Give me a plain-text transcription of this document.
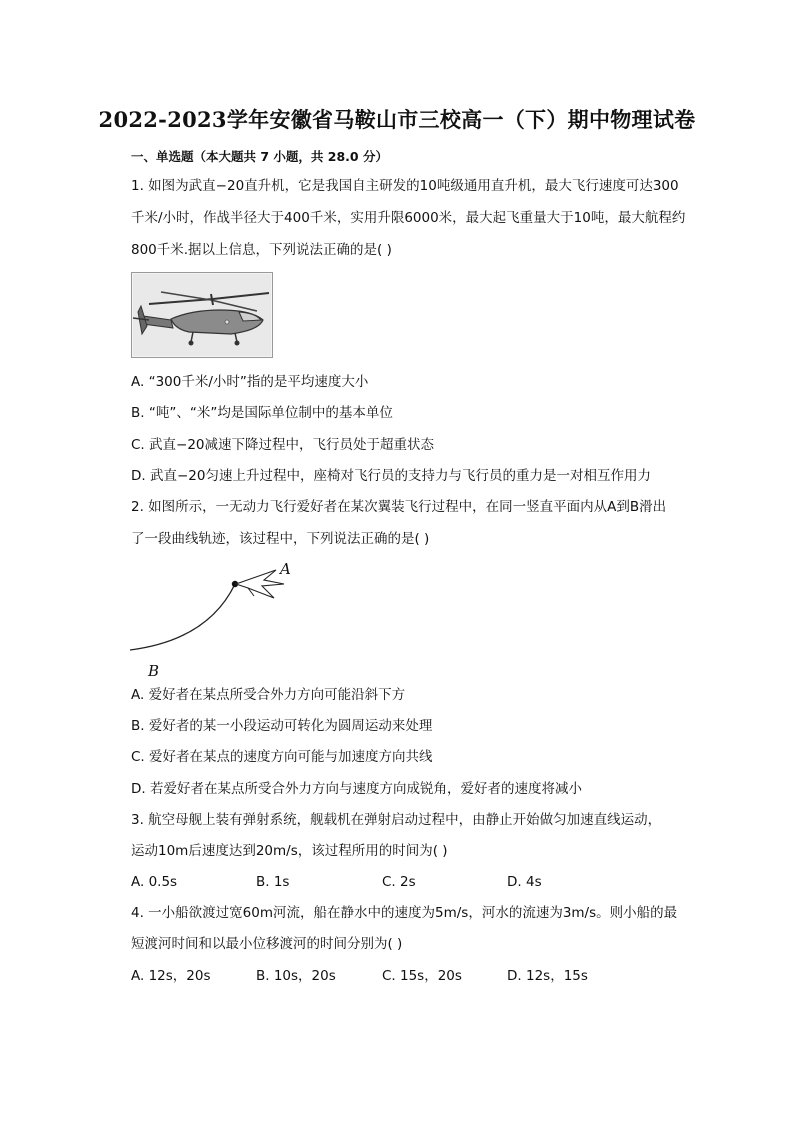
2022-2023学年安徽省马鞍山市三校高一（下）期中物理试卷
一、单选题（本大题共 7 小题，共 28.0 分）
1. 如图为武直−20直升机，它是我国自主研发的10吨级通用直升机，最大飞行速度可达300
千米/小时，作战半径大于400千米，实用升限6000米，最大起飞重量大于10吨，最大航程约
800千米.据以上信息，下列说法正确的是( )
A. “300千米/小时”指的是平均速度大小
B. “吨”、“米”均是国际单位制中的基本单位
C. 武直−20减速下降过程中，飞行员处于超重状态
D. 武直−20匀速上升过程中，座椅对飞行员的支持力与飞行员的重力是一对相互作用力
2. 如图所示，一无动力飞行爱好者在某次翼装飞行过程中，在同一竖直平面内从A到B滑出
了一段曲线轨迹，该过程中，下列说法正确的是( )
A
B
A. 爱好者在某点所受合外力方向可能沿斜下方
B. 爱好者的某一小段运动可转化为圆周运动来处理
C. 爱好者在某点的速度方向可能与加速度方向共线
D. 若爱好者在某点所受合外力方向与速度方向成锐角，爱好者的速度将减小
3. 航空母舰上装有弹射系统，舰载机在弹射启动过程中，由静止开始做匀加速直线运动，
运动10m后速度达到20m/s，该过程所用的时间为( )
A. 0.5s	B. 1s	C. 2s	D. 4s
4. 一小船欲渡过宽60m河流，船在静水中的速度为5m/s，河水的流速为3m/s。则小船的最
短渡河时间和以最小位移渡河的时间分别为( )
A. 12s，20s	B. 10s，20s	C. 15s，20s	D. 12s，15s
